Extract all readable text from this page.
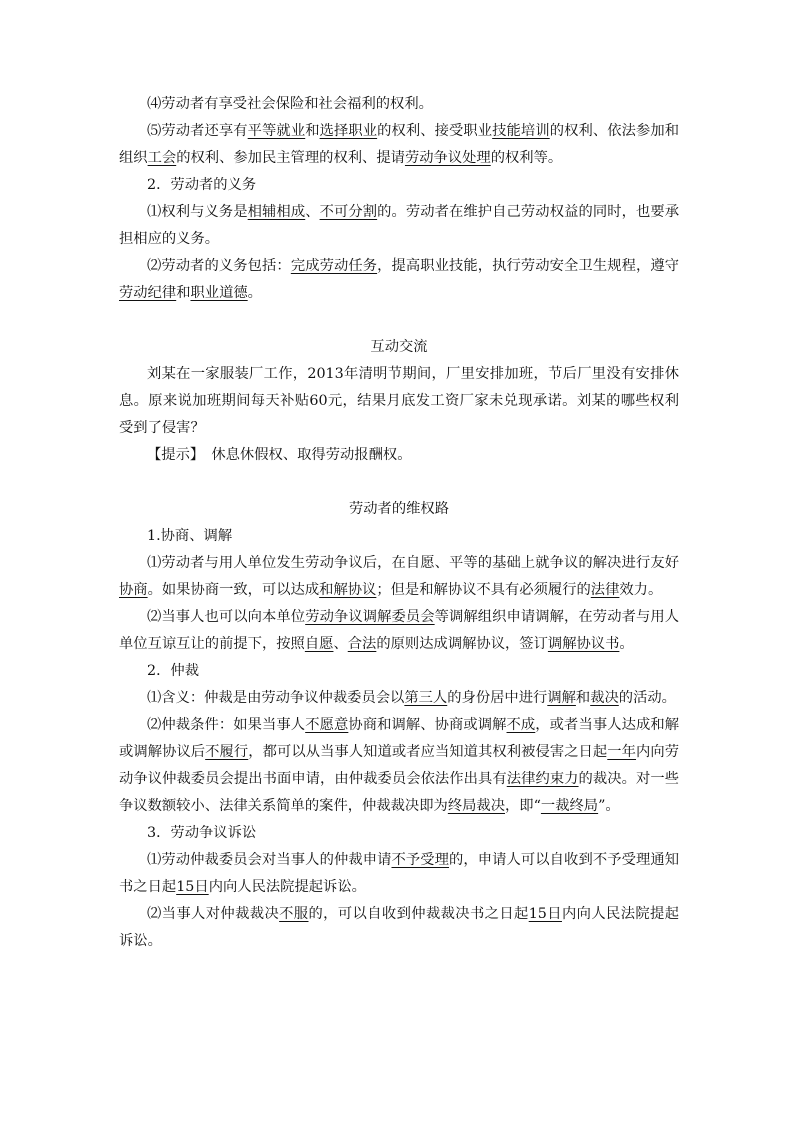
⑷劳动者有享受社会保险和社会福利的权利。

⑸劳动者还享有平等就业和选择职业的权利、接受职业技能培训的权利、依法参加和组织工会的权利、参加民主管理的权利、提请劳动争议处理的权利等。

2．劳动者的义务

⑴权利与义务是相辅相成、不可分割的。劳动者在维护自己劳动权益的同时，也要承担相应的义务。

⑵劳动者的义务包括：完成劳动任务，提高职业技能，执行劳动安全卫生规程，遵守劳动纪律和职业道德。

互动交流

刘某在一家服装厂工作，2013年清明节期间，厂里安排加班，节后厂里没有安排休息。原来说加班期间每天补贴60元，结果月底发工资厂家未兑现承诺。刘某的哪些权利受到了侵害？

【提示】　休息休假权、取得劳动报酬权。

劳动者的维权路

1.协商、调解

⑴劳动者与用人单位发生劳动争议后，在自愿、平等的基础上就争议的解决进行友好协商。如果协商一致，可以达成和解协议；但是和解协议不具有必须履行的法律效力。

⑵当事人也可以向本单位劳动争议调解委员会等调解组织申请调解，在劳动者与用人单位互谅互让的前提下，按照自愿、合法的原则达成调解协议，签订调解协议书。

2．仲裁

⑴含义：仲裁是由劳动争议仲裁委员会以第三人的身份居中进行调解和裁决的活动。

⑵仲裁条件：如果当事人不愿意协商和调解、协商或调解不成，或者当事人达成和解或调解协议后不履行，都可以从当事人知道或者应当知道其权利被侵害之日起一年内向劳动争议仲裁委员会提出书面申请，由仲裁委员会依法作出具有法律约束力的裁决。对一些争议数额较小、法律关系简单的案件，仲裁裁决即为终局裁决，即“一裁终局”。

3．劳动争议诉讼

⑴劳动仲裁委员会对当事人的仲裁申请不予受理的，申请人可以自收到不予受理通知书之日起15日内向人民法院提起诉讼。

⑵当事人对仲裁裁决不服的，可以自收到仲裁裁决书之日起15日内向人民法院提起诉讼。
